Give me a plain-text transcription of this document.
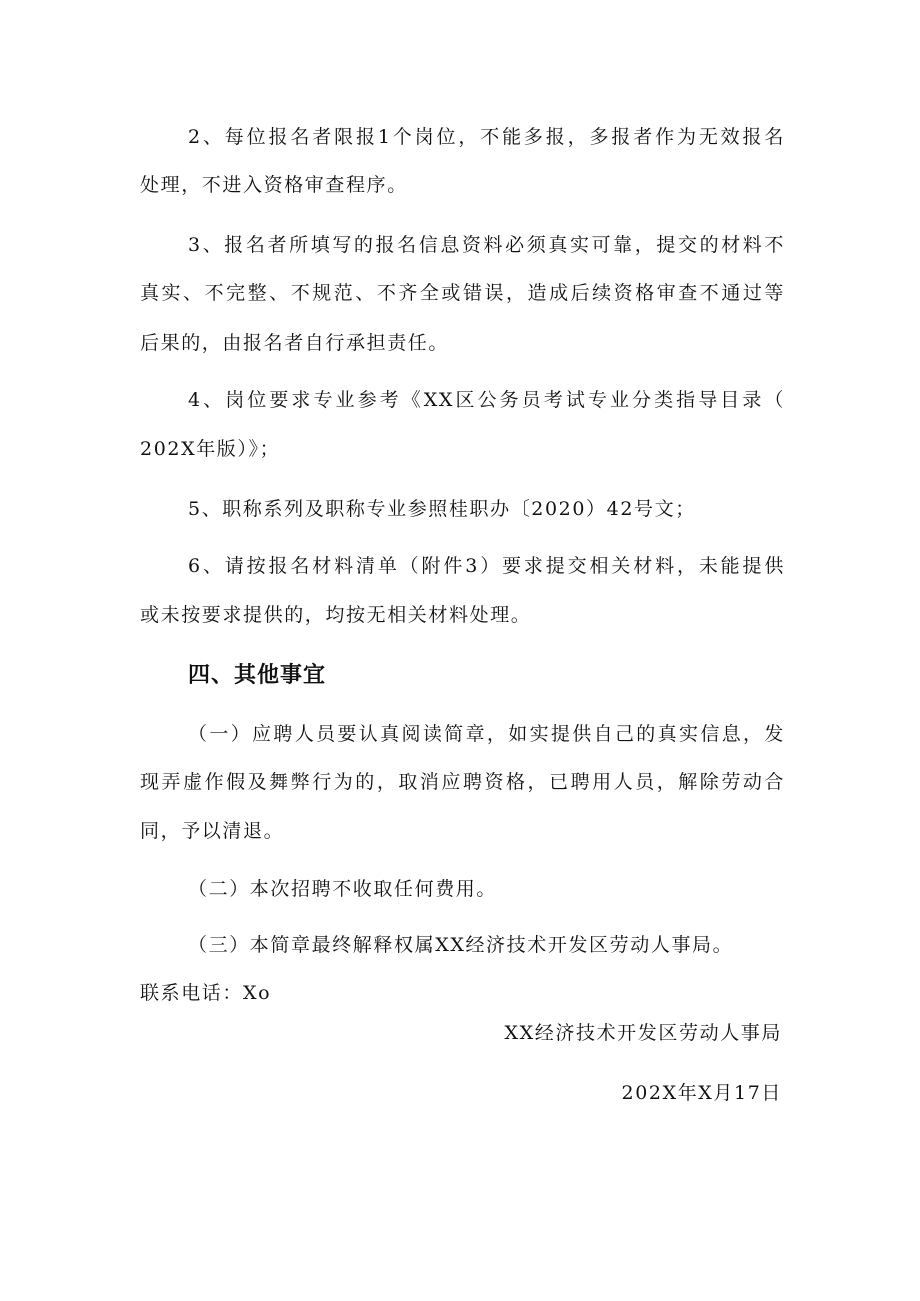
2、每位报名者限报1个岗位，不能多报，多报者作为无效报名
处理，不进入资格审查程序。
3、报名者所填写的报名信息资料必须真实可靠，提交的材料不
真实、不完整、不规范、不齐全或错误，造成后续资格审查不通过等
后果的，由报名者自行承担责任。
4、岗位要求专业参考《XX区公务员考试专业分类指导目录（
202X年版）》；
5、职称系列及职称专业参照桂职办〔2020）42号文；
6、请按报名材料清单（附件3）要求提交相关材料，未能提供
或未按要求提供的，均按无相关材料处理。
四、其他事宜
（一）应聘人员要认真阅读简章，如实提供自己的真实信息，发
现弄虚作假及舞弊行为的，取消应聘资格，已聘用人员，解除劳动合
同，予以清退。
（二）本次招聘不收取任何费用。
（三）本简章最终解释权属XX经济技术开发区劳动人事局。
联系电话：Xo
XX经济技术开发区劳动人事局
202X年X月17日
